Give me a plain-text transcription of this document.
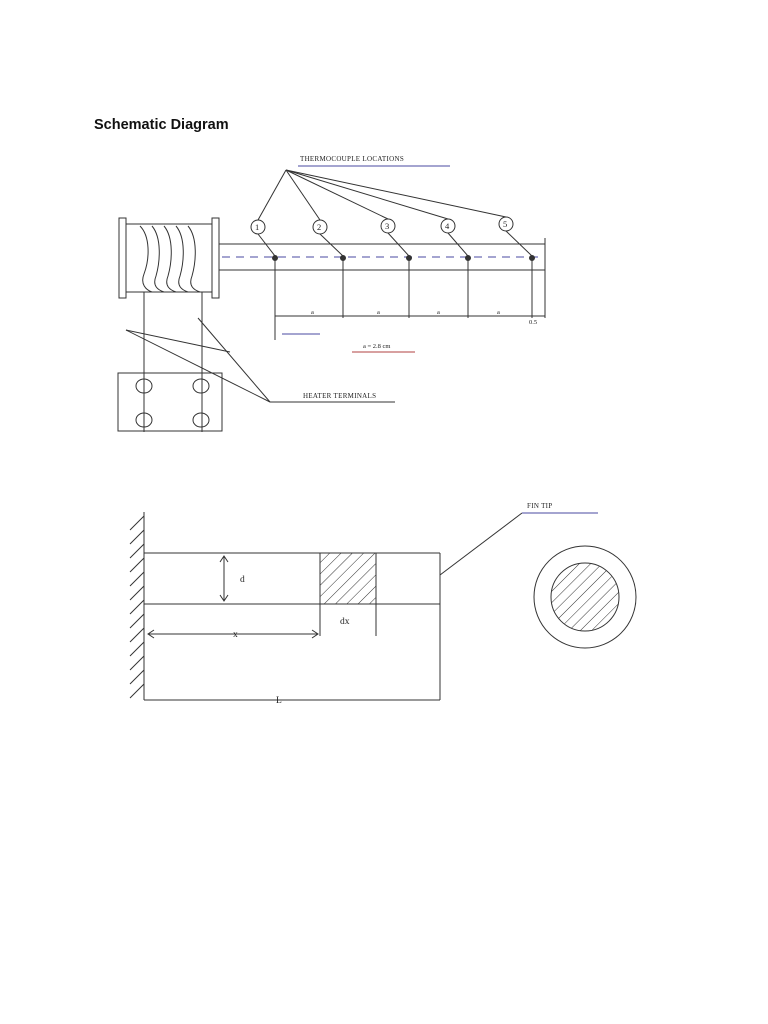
Schematic Diagram
THERMOCOUPLE LOCATIONS
1	2	3	4	5
a	a	a	a
0.5
a = 2.8 cm
HEATER TERMINALS
d
x
dx
L
FIN TIP
